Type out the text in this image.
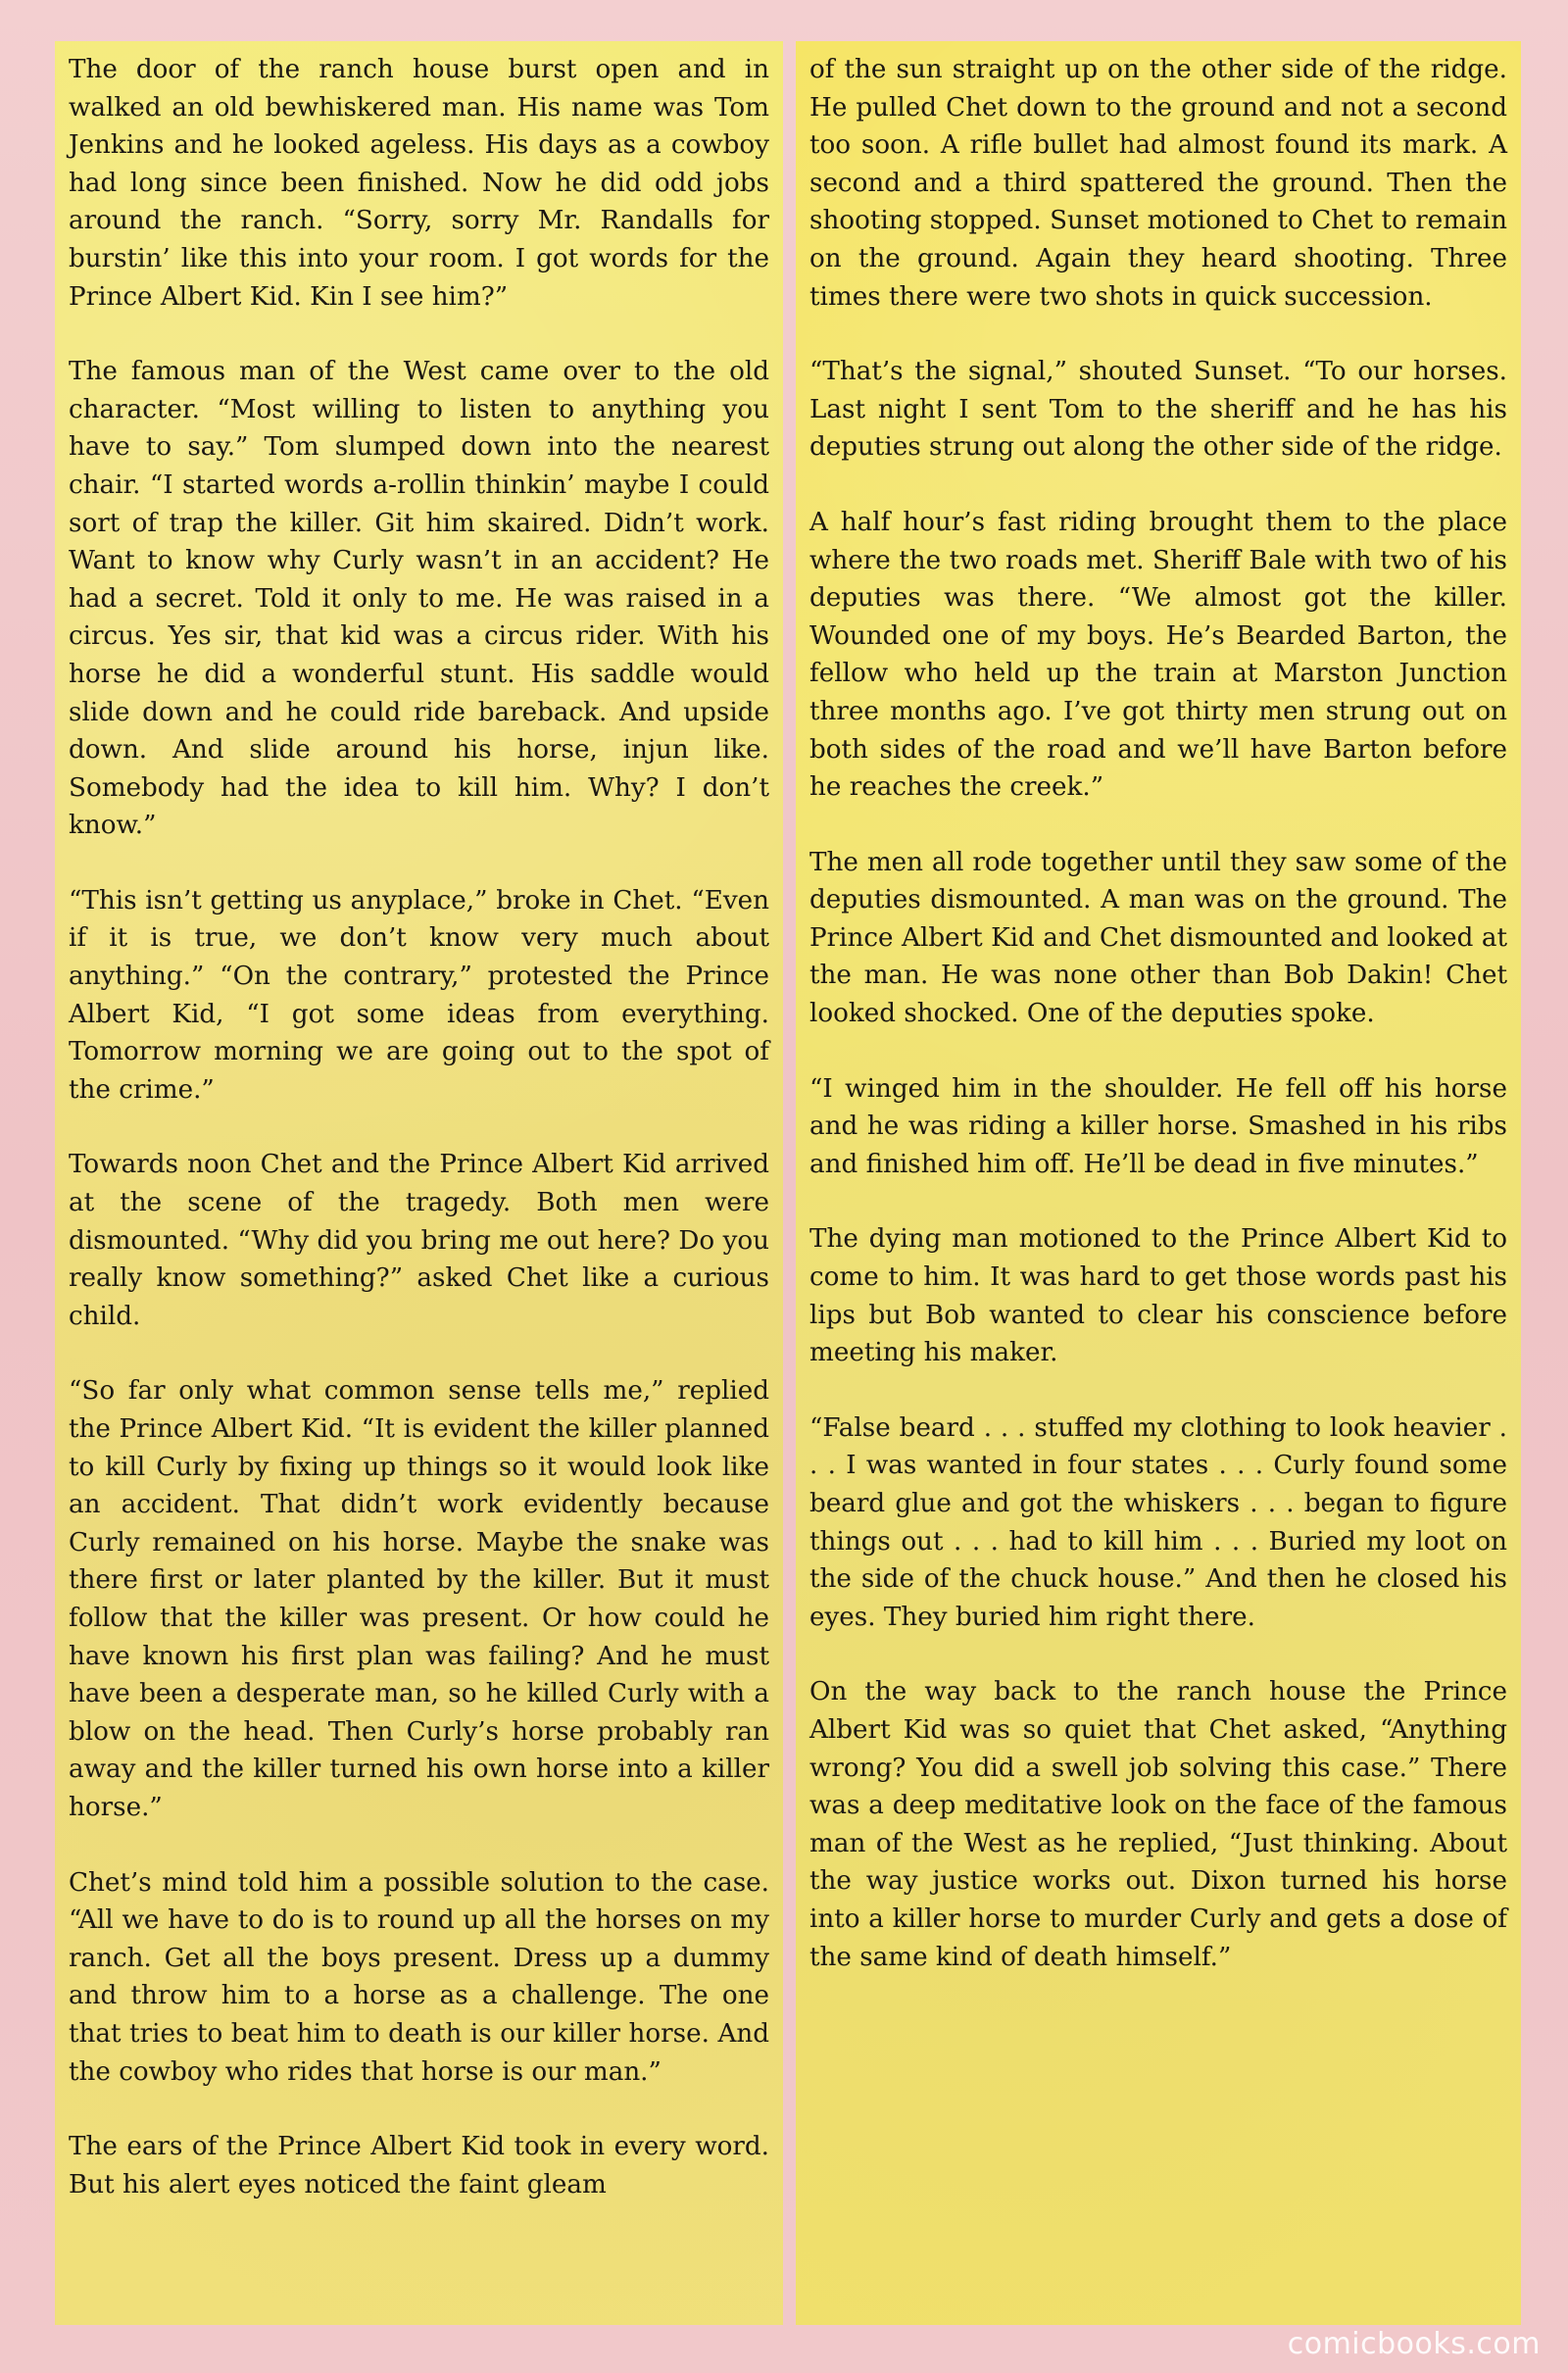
The door of the ranch house burst open and in walked an old bewhiskered man. His name was Tom Jenkins and he looked ageless. His days as a cowboy had long since been finished. Now he did odd jobs around the ranch. “Sorry, sorry Mr. Randalls for burstin’ like this into your room. I got words for the Prince Albert Kid. Kin I see him?”

The famous man of the West came over to the old character. “Most willing to listen to anything you have to say.” Tom slumped down into the nearest chair. “I started words a-rollin thinkin’ maybe I could sort of trap the killer. Git him skaired. Didn’t work. Want to know why Curly wasn’t in an accident? He had a secret. Told it only to me. He was raised in a circus. Yes sir, that kid was a circus rider. With his horse he did a wonderful stunt. His saddle would slide down and he could ride bareback. And upside down. And slide around his horse, injun like. Somebody had the idea to kill him. Why? I don’t know.”

“This isn’t getting us anyplace,” broke in Chet. “Even if it is true, we don’t know very much about anything.” “On the contrary,” protested the Prince Albert Kid, “I got some ideas from everything. Tomorrow morning we are going out to the spot of the crime.”

Towards noon Chet and the Prince Albert Kid arrived at the scene of the tragedy. Both men were dismounted. “Why did you bring me out here? Do you really know something?” asked Chet like a curious child.

“So far only what common sense tells me,” replied the Prince Albert Kid. “It is evident the killer planned to kill Curly by fixing up things so it would look like an accident. That didn’t work evidently because Curly remained on his horse. Maybe the snake was there first or later planted by the killer. But it must follow that the killer was present. Or how could he have known his first plan was failing? And he must have been a desperate man, so he killed Curly with a blow on the head. Then Curly’s horse probably ran away and the killer turned his own horse into a killer horse.”

Chet’s mind told him a possible solution to the case. “All we have to do is to round up all the horses on my ranch. Get all the boys present. Dress up a dummy and throw him to a horse as a challenge. The one that tries to beat him to death is our killer horse. And the cowboy who rides that horse is our man.”

The ears of the Prince Albert Kid took in every word. But his alert eyes noticed the faint gleam

of the sun straight up on the other side of the ridge. He pulled Chet down to the ground and not a second too soon. A rifle bullet had almost found its mark. A second and a third spattered the ground. Then the shooting stopped. Sunset motioned to Chet to remain on the ground. Again they heard shooting. Three times there were two shots in quick succession.

“That’s the signal,” shouted Sunset. “To our horses. Last night I sent Tom to the sheriff and he has his deputies strung out along the other side of the ridge.

A half hour’s fast riding brought them to the place where the two roads met. Sheriff Bale with two of his deputies was there. “We almost got the killer. Wounded one of my boys. He’s Bearded Barton, the fellow who held up the train at Marston Junction three months ago. I’ve got thirty men strung out on both sides of the road and we’ll have Barton before he reaches the creek.”

The men all rode together until they saw some of the deputies dismounted. A man was on the ground. The Prince Albert Kid and Chet dismounted and looked at the man. He was none other than Bob Dakin! Chet looked shocked. One of the deputies spoke.

“I winged him in the shoulder. He fell off his horse and he was riding a killer horse. Smashed in his ribs and finished him off. He’ll be dead in five minutes.”

The dying man motioned to the Prince Albert Kid to come to him. It was hard to get those words past his lips but Bob wanted to clear his conscience before meeting his maker.

“False beard . . . stuffed my clothing to look heavier . . . I was wanted in four states . . . Curly found some beard glue and got the whiskers . . . began to figure things out . . . had to kill him . . . Buried my loot on the side of the chuck house.” And then he closed his eyes. They buried him right there.

On the way back to the ranch house the Prince Albert Kid was so quiet that Chet asked, “Anything wrong? You did a swell job solving this case.” There was a deep meditative look on the face of the famous man of the West as he replied, “Just thinking. About the way justice works out. Dixon turned his horse into a killer horse to murder Curly and gets a dose of the same kind of death himself.”

comicbooks.com
